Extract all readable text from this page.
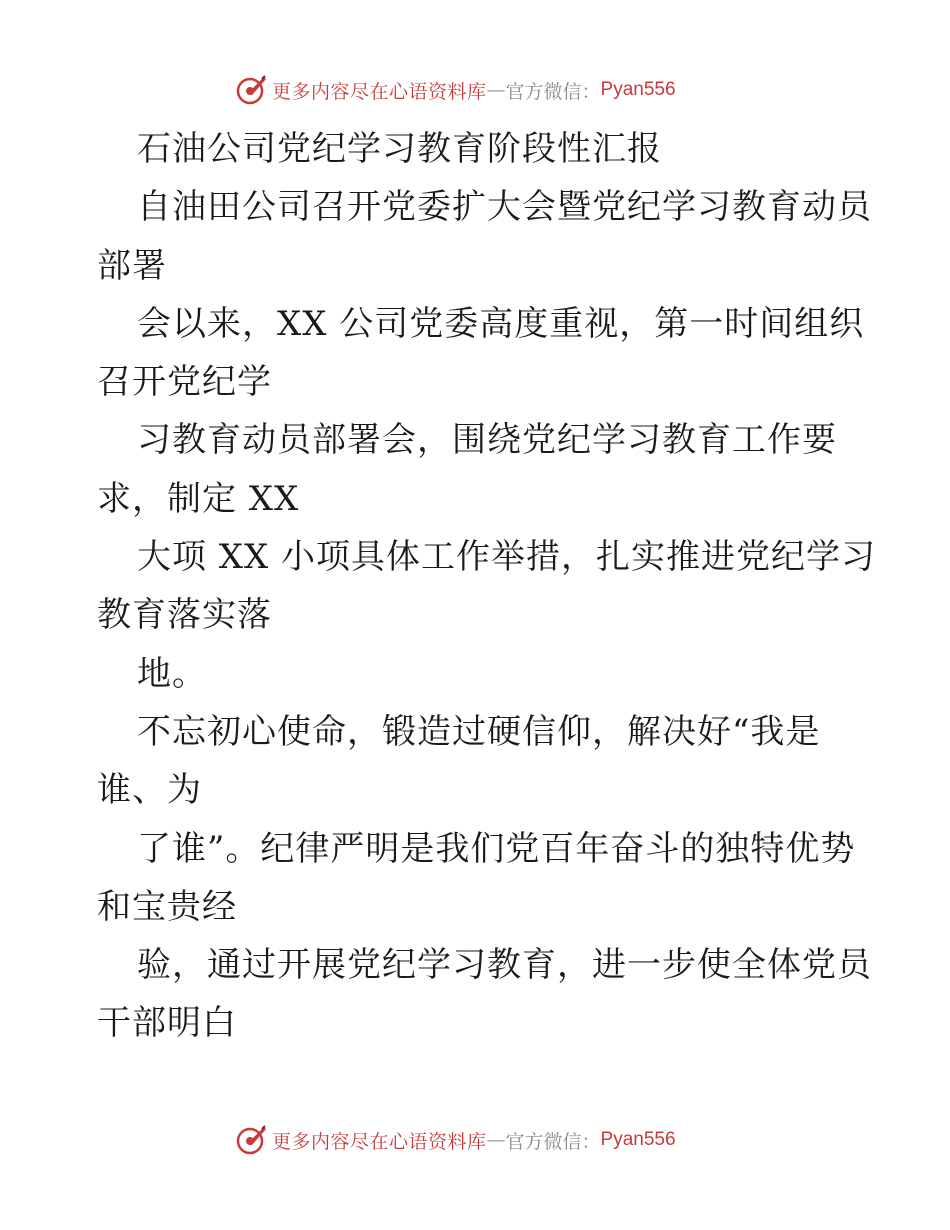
更多内容尽在心语资料库 — 官方微信： Pyan556
石油公司党纪学习教育阶段性汇报
自油田公司召开党委扩大会暨党纪学习教育动员
部署
会以来，XX 公司党委高度重视，第一时间组织
召开党纪学
习教育动员部署会，围绕党纪学习教育工作要
求，制定 XX
大项 XX 小项具体工作举措，扎实推进党纪学习
教育落实落
地。
不忘初心使命，锻造过硬信仰，解决好“我是
谁、为
了谁”。纪律严明是我们党百年奋斗的独特优势
和宝贵经
验，通过开展党纪学习教育，进一步使全体党员
干部明白
更多内容尽在心语资料库 — 官方微信： Pyan556
